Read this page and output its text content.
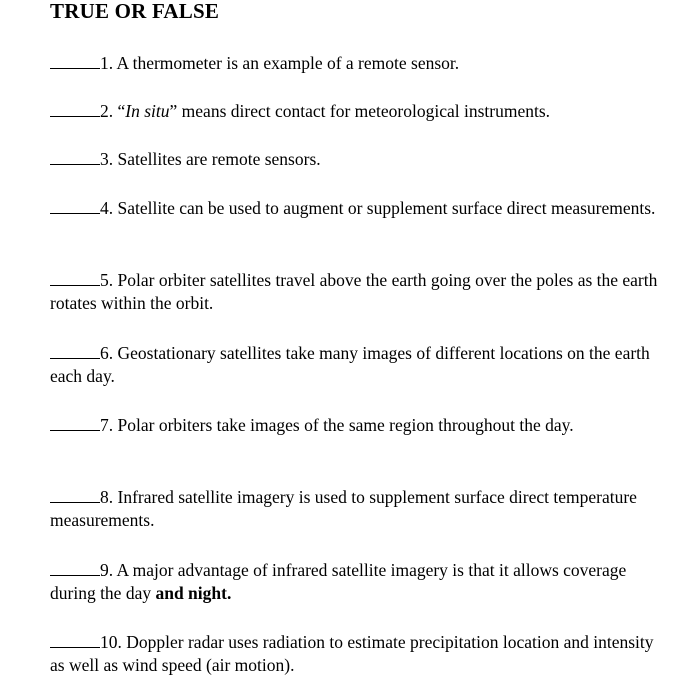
TRUE OR FALSE
1. A thermometer is an example of a remote sensor.
2. “In situ” means direct contact for meteorological instruments.
3. Satellites are remote sensors.
4. Satellite can be used to augment or supplement surface direct measurements.
5. Polar orbiter satellites travel above the earth going over the poles as the earth rotates within the orbit.
6. Geostationary satellites take many images of different locations on the earth each day.
7. Polar orbiters take images of the same region throughout the day.
8. Infrared satellite imagery is used to supplement surface direct temperature measurements.
9. A major advantage of infrared satellite imagery is that it allows coverage during the day and night.
10. Doppler radar uses radiation to estimate precipitation location and intensity as well as wind speed (air motion).
